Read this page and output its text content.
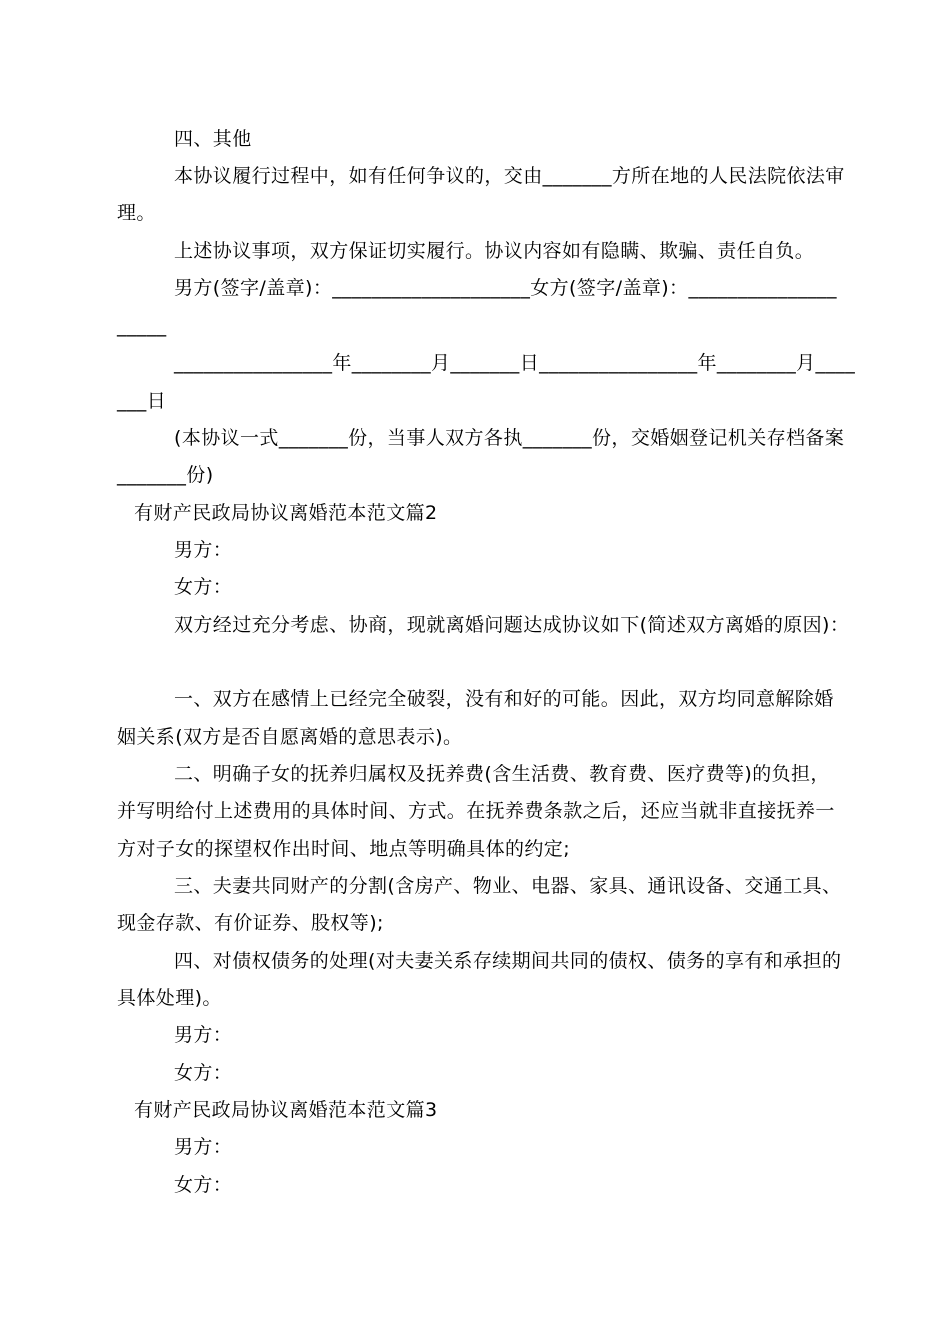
四、其他
本协议履行过程中，如有任何争议的，交由_______方所在地的人民法院依法审
理。
上述协议事项，双方保证切实履行。协议内容如有隐瞒、欺骗、责任自负。
男方(签字/盖章)：____________________女方(签字/盖章)：_______________
_____
________________年________月_______日________________年________月____
___日
(本协议一式_______份，当事人双方各执_______份，交婚姻登记机关存档备案
_______份)
有财产民政局协议离婚范本范文篇2
男方：
女方：
双方经过充分考虑、协商，现就离婚问题达成协议如下(简述双方离婚的原因)：
一、双方在感情上已经完全破裂，没有和好的可能。因此，双方均同意解除婚
姻关系(双方是否自愿离婚的意思表示)。
二、明确子女的抚养归属权及抚养费(含生活费、教育费、医疗费等)的负担，
并写明给付上述费用的具体时间、方式。在抚养费条款之后，还应当就非直接抚养一
方对子女的探望权作出时间、地点等明确具体的约定;
三、夫妻共同财产的分割(含房产、物业、电器、家具、通讯设备、交通工具、
现金存款、有价证券、股权等);
四、对债权债务的处理(对夫妻关系存续期间共同的债权、债务的享有和承担的
具体处理)。
男方：
女方：
有财产民政局协议离婚范本范文篇3
男方：
女方：
